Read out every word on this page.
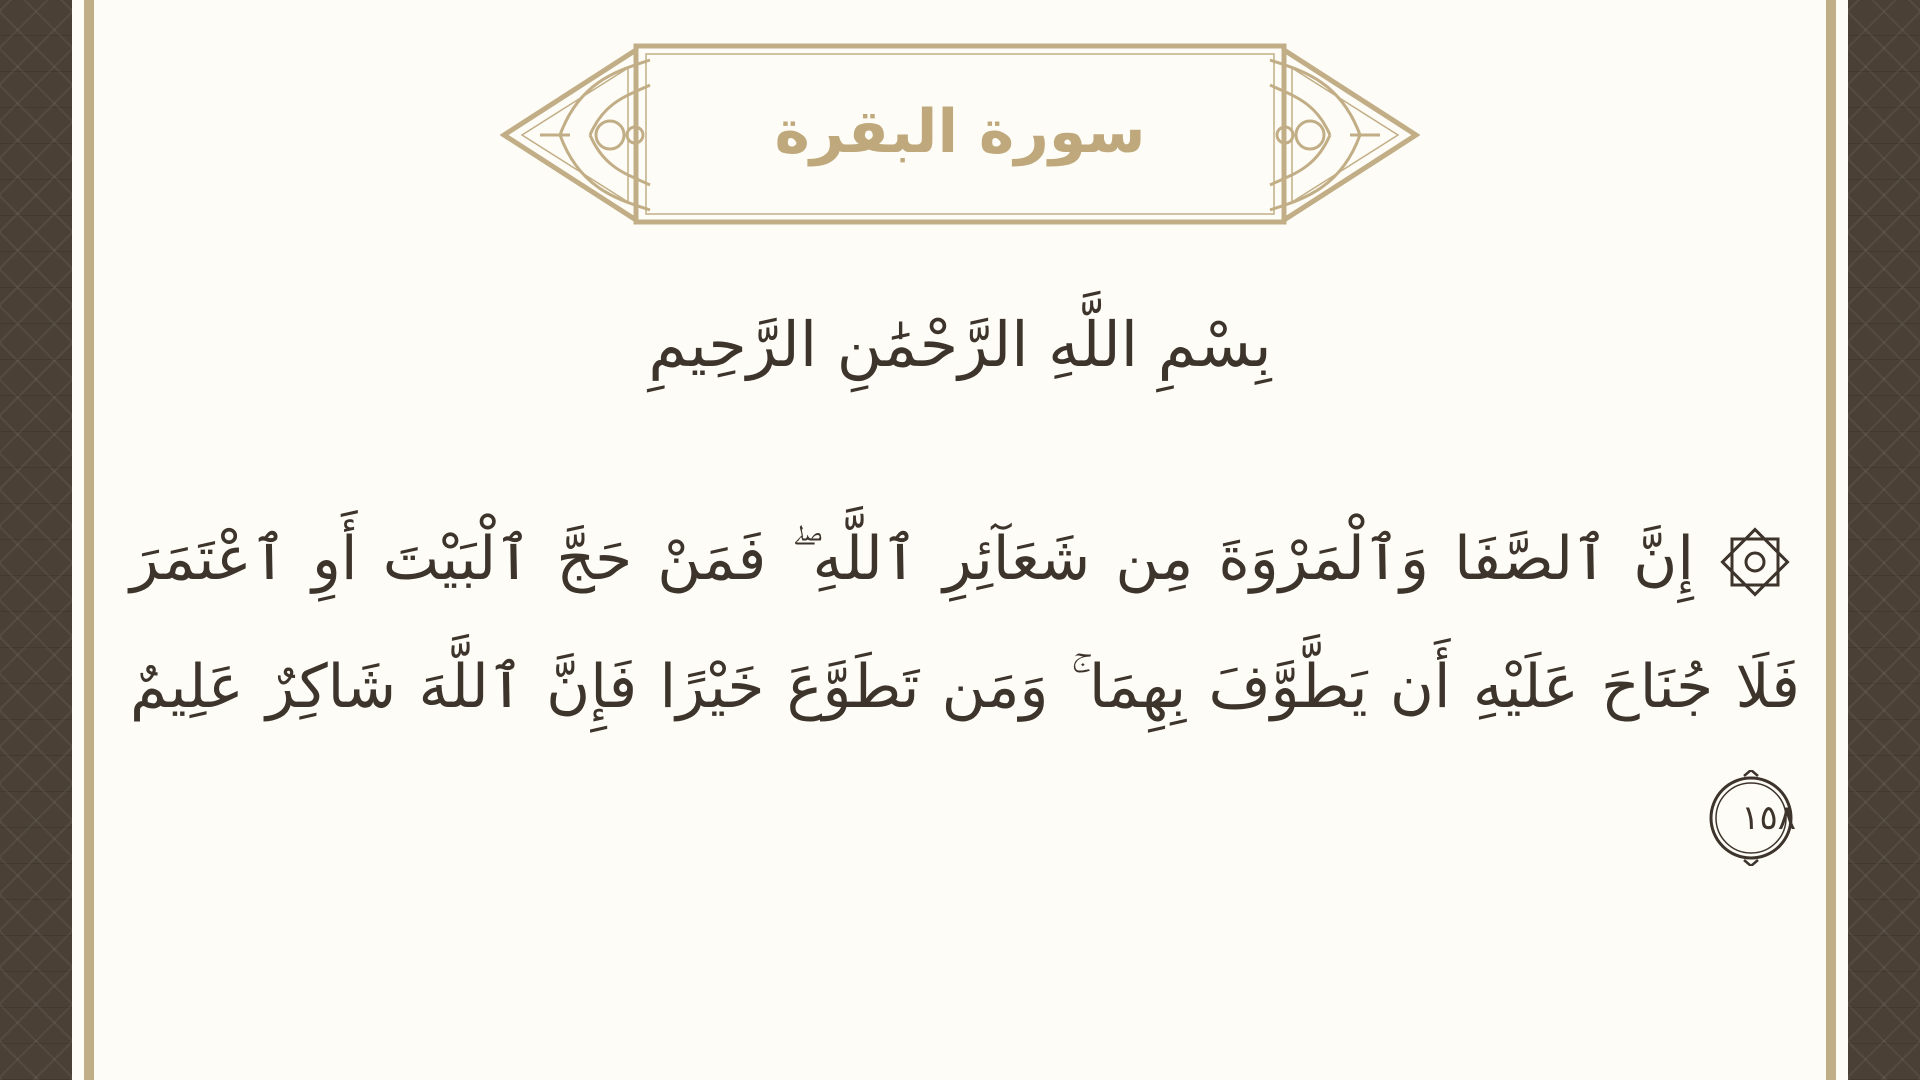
سورة البقرة
بِسْمِ اللَّهِ الرَّحْمَٰنِ الرَّحِيمِ
إِنَّ ٱلصَّفَا وَٱلْمَرْوَةَ مِن شَعَآئِرِ ٱللَّهِ ۖ فَمَنْ حَجَّ ٱلْبَيْتَ أَوِ ٱعْتَمَرَ فَلَا جُنَاحَ عَلَيْهِ أَن يَطَّوَّفَ بِهِمَا ۚ وَمَن تَطَوَّعَ خَيْرًا فَإِنَّ ٱللَّهَ شَاكِرٌ عَلِيمٌ
١٥٨
